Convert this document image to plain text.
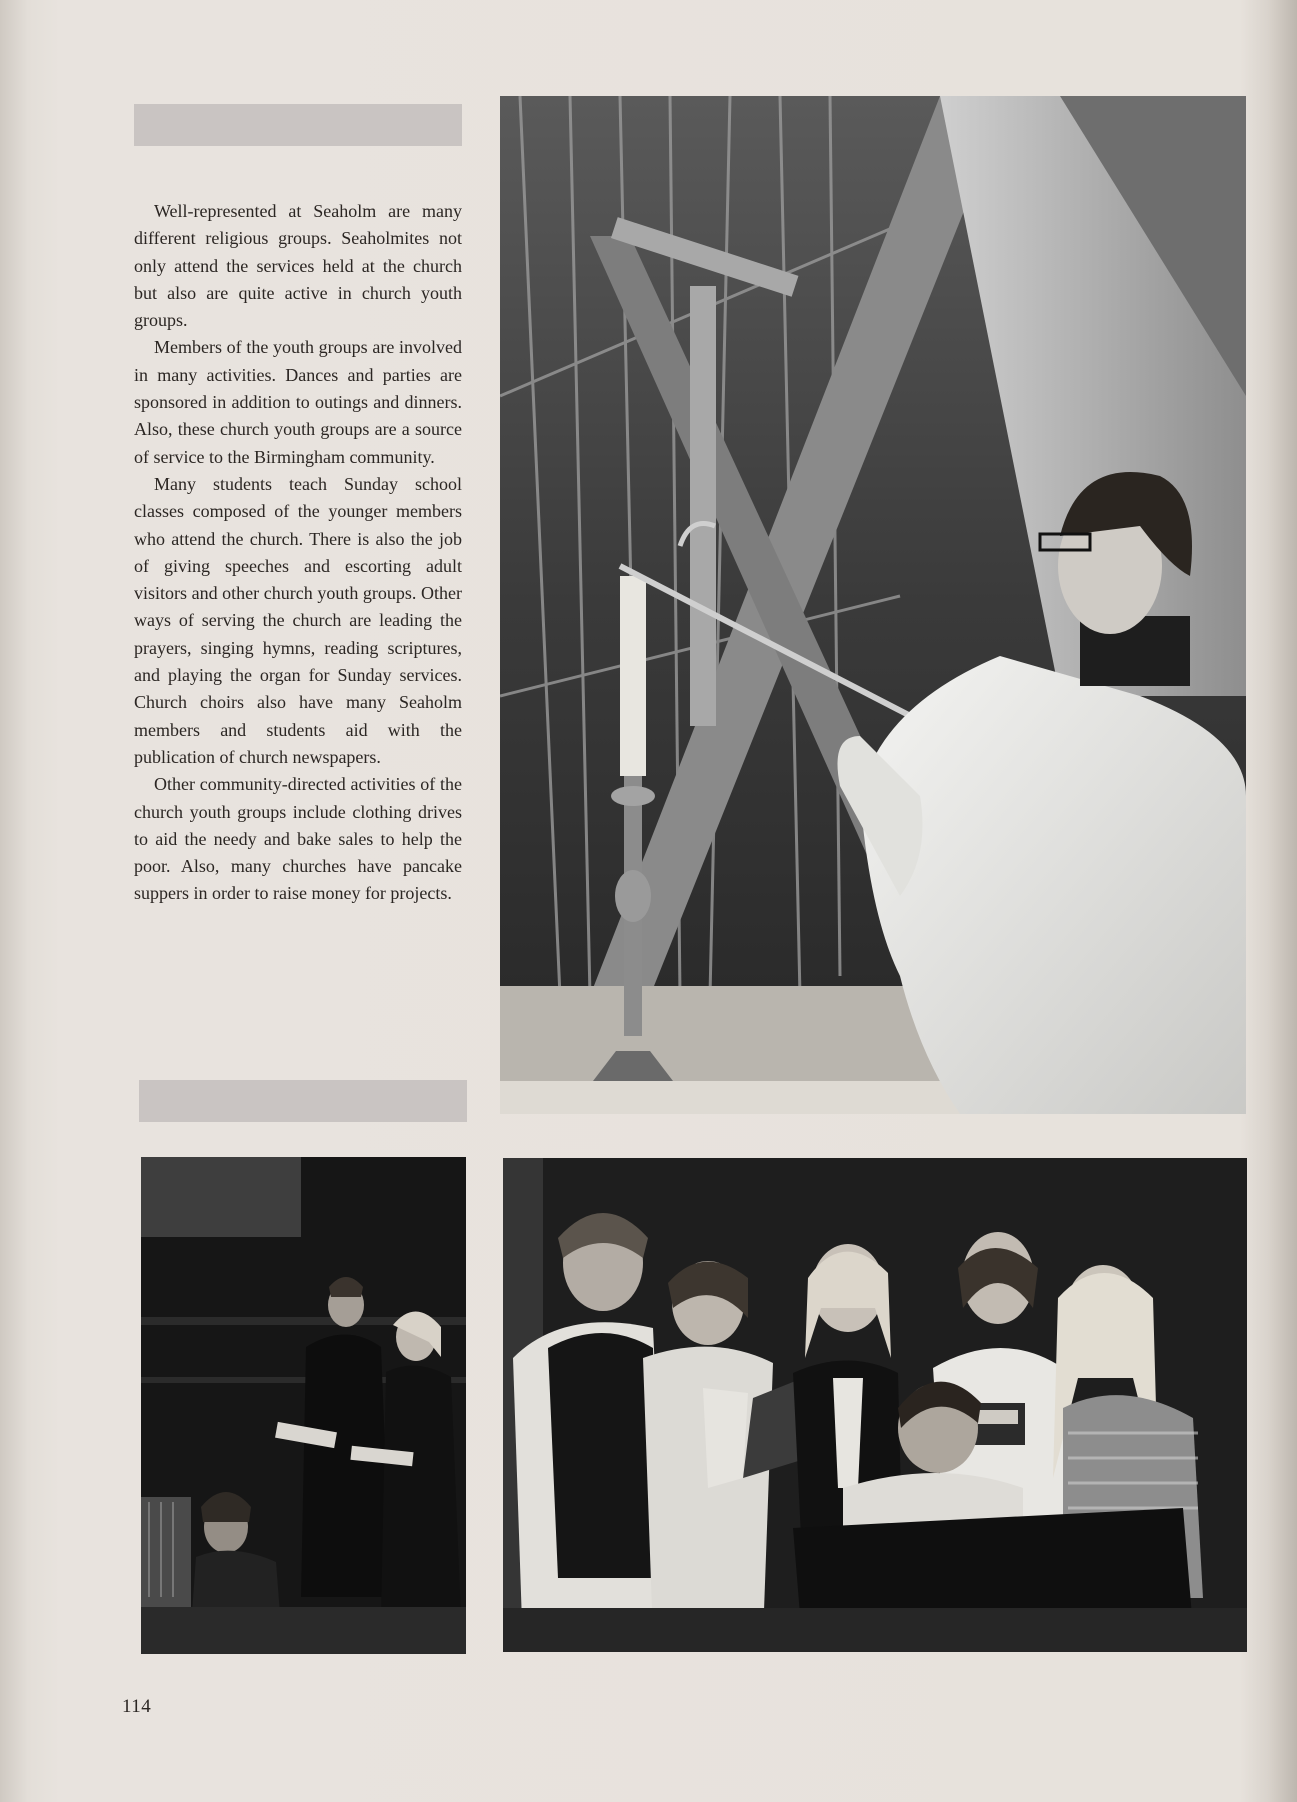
Well-represented at Seaholm are many different religious groups. Seaholmites not only attend the services held at the church but also are quite active in church youth groups.

Members of the youth groups are involved in many activities. Dances and parties are sponsored in addition to outings and dinners. Also, these church youth groups are a source of service to the Birmingham community.

Many students teach Sunday school classes composed of the younger members who attend the church. There is also the job of giving speeches and escorting adult visitors and other church youth groups. Other ways of serving the church are leading the prayers, singing hymns, reading scriptures, and playing the organ for Sunday services. Church choirs also have many Seaholm members and students aid with the publication of church newspapers.

Other community-directed activities of the church youth groups include clothing drives to aid the needy and bake sales to help the poor. Also, many churches have pancake suppers in order to raise money for projects.

114
